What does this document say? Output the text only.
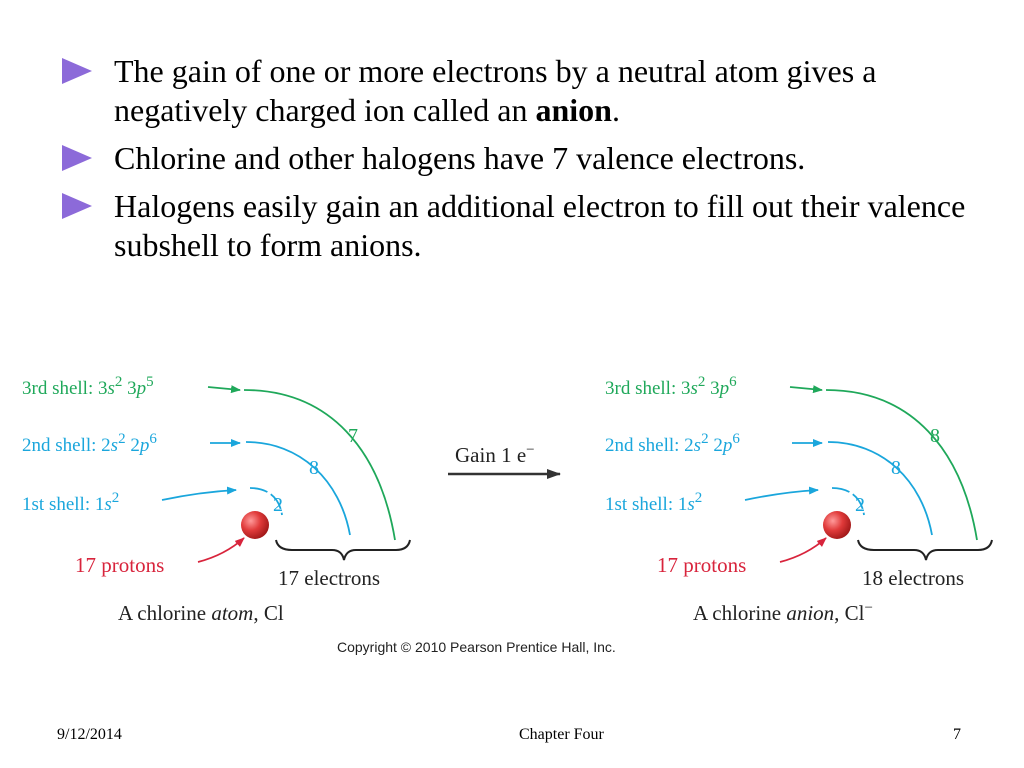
The gain of one or more electrons by a neutral atom gives a negatively charged ion called an anion.
Chlorine and other halogens have 7 valence electrons.
Halogens easily gain an additional electron to fill out their valence subshell to form anions.
3rd shell: $3s^2$ $3p^5$
2nd shell: $2s^2$ $2p^6$
1st shell: $1s^2$
7
8
2
17 protons
17 electrons
A chlorine atom, Cl
Gain 1 e−
3rd shell: $3s^2$ $3p^6$
2nd shell: $2s^2$ $2p^6$
1st shell: $1s^2$
8
8
2
17 protons
18 electrons
A chlorine anion, Cl−
Copyright © 2010 Pearson Prentice Hall, Inc.
9/12/2014	Chapter Four	7
